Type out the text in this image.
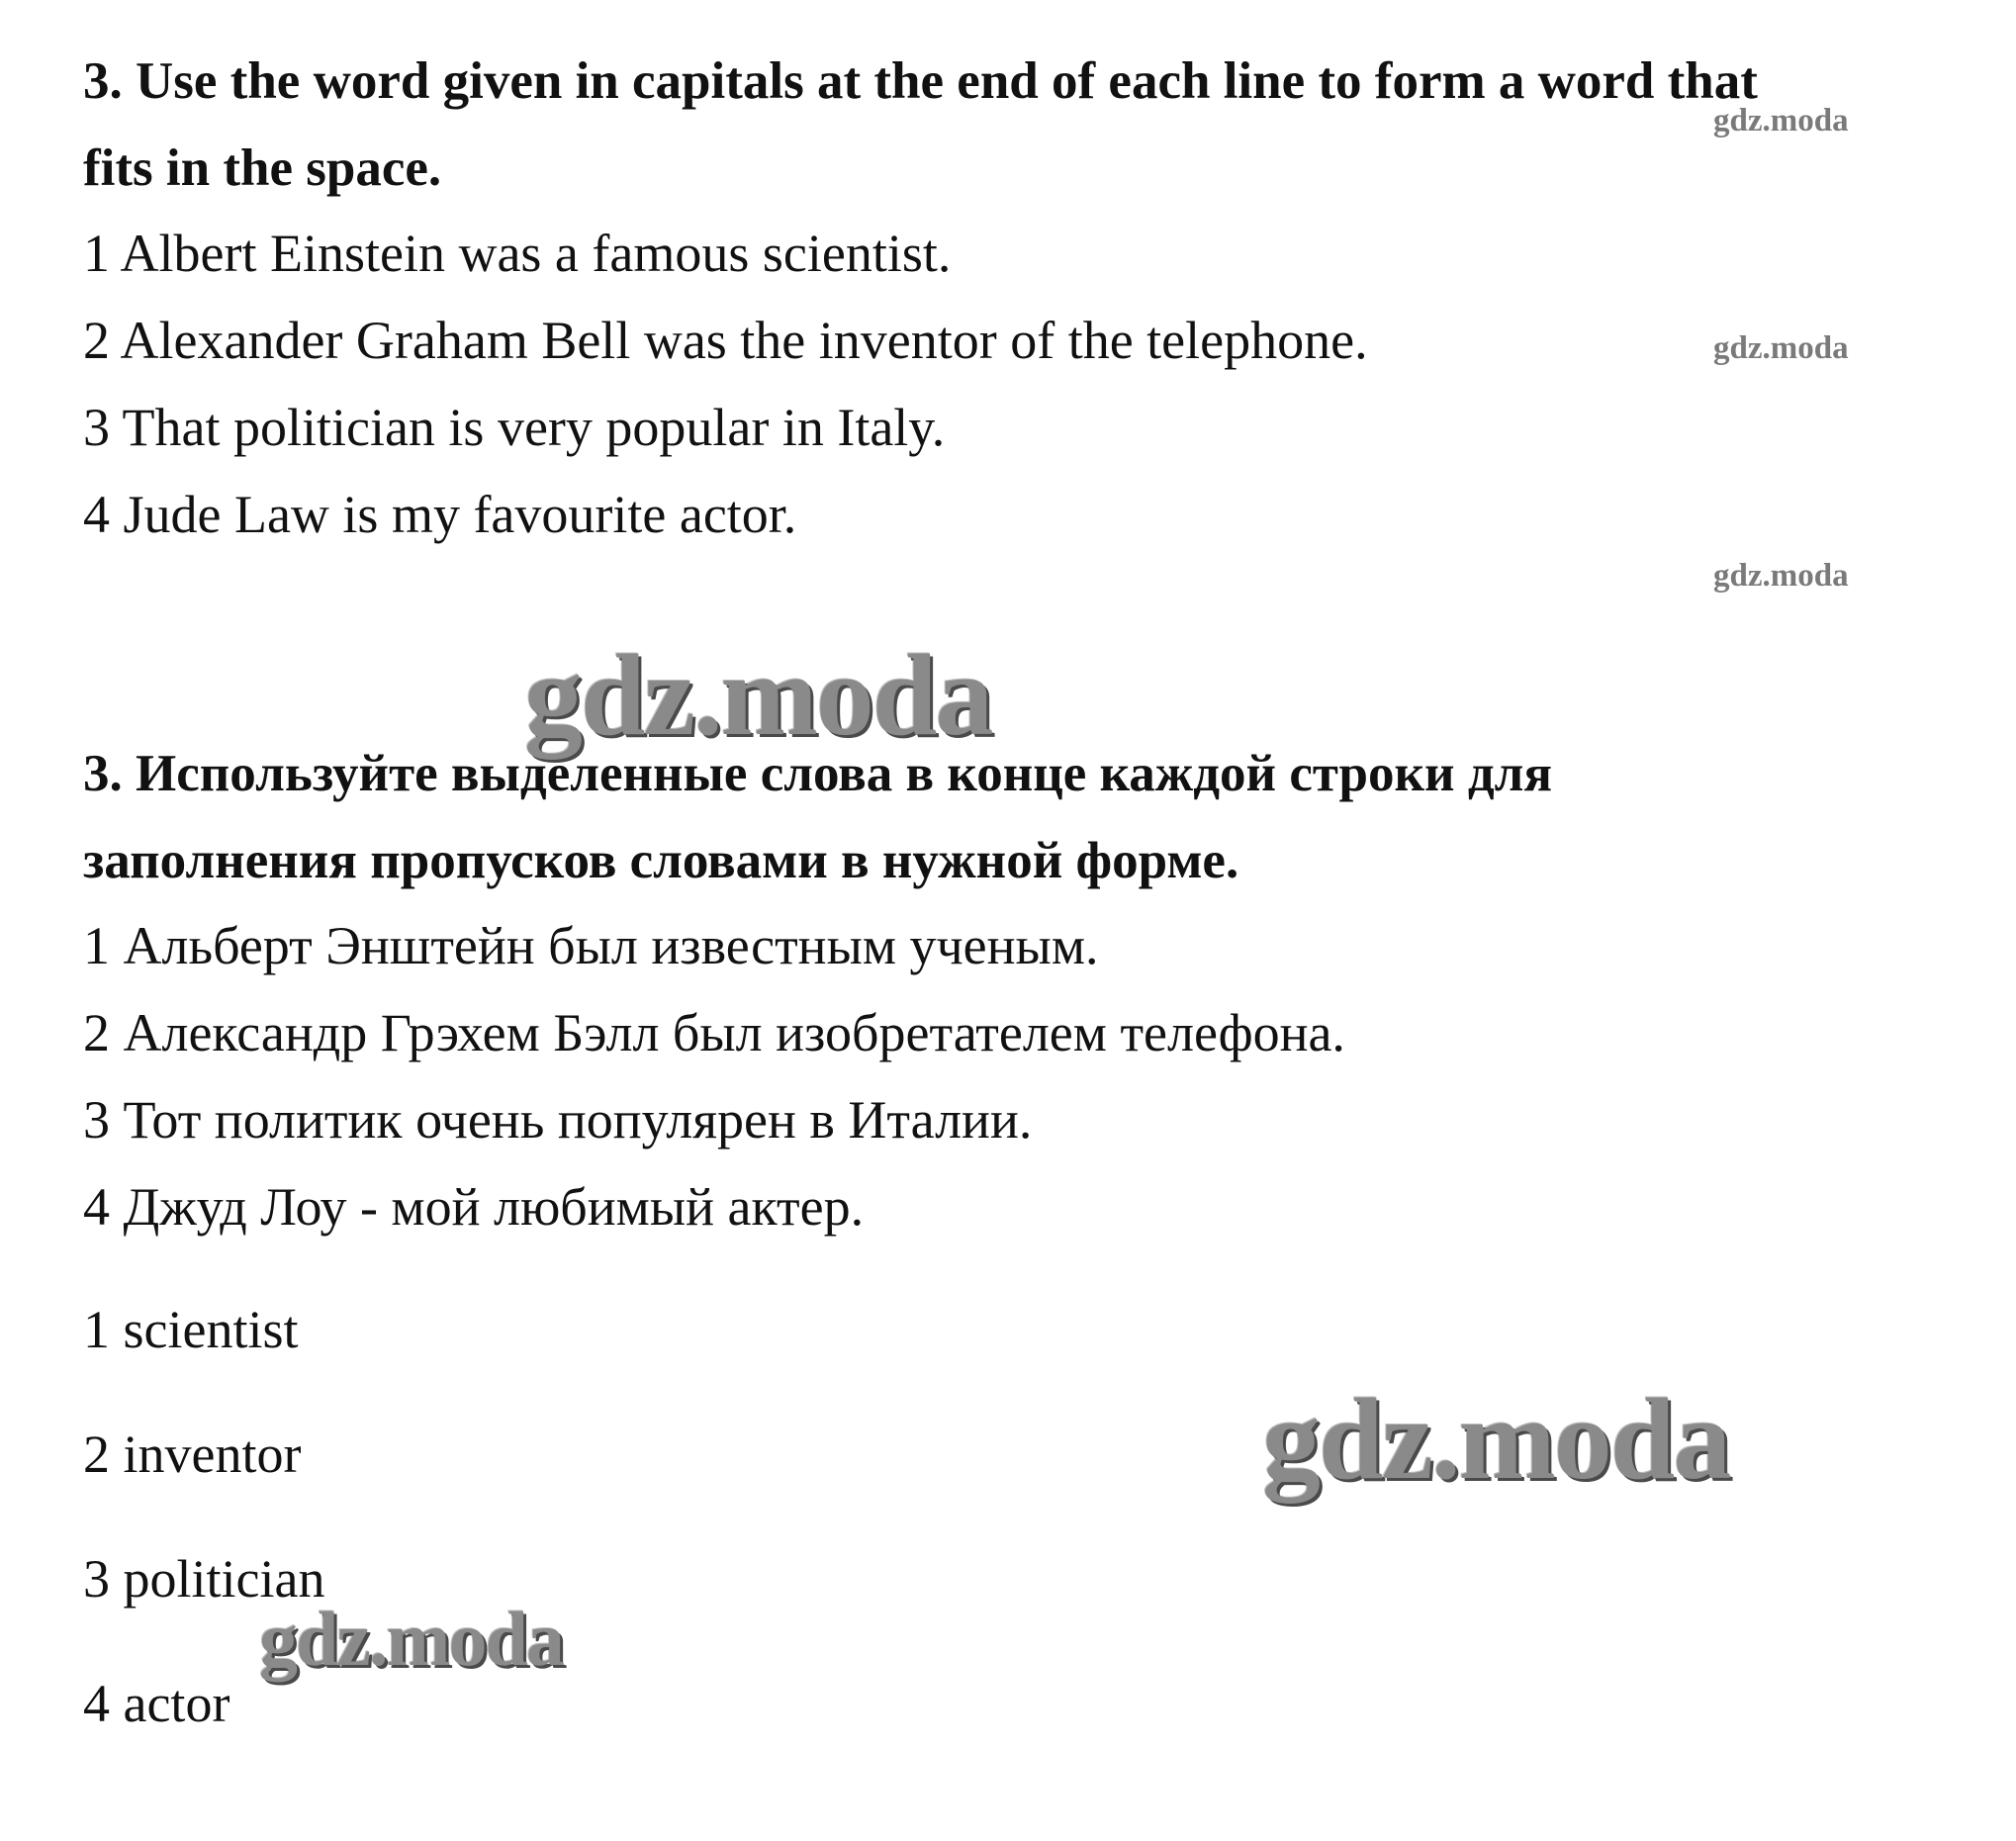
3. Use the word given in capitals at the end of each line to form a word that
fits in the space.
1 Albert Einstein was a famous scientist.
2 Alexander Graham Bell was the inventor of the telephone.
3 That politician is very popular in Italy.
4 Jude Law is my favourite actor.
3. Используйте выделенные слова в конце каждой строки для
заполнения пропусков словами в нужной форме.
1 Альберт Энштейн был известным ученым.
2 Александр Грэхем Бэлл был изобретателем телефона.
3 Тот политик очень популярен в Италии.
4 Джуд Лоу - мой любимый актер.
1 scientist
2 inventor
3 politician
4 actor
gdz.moda
gdz.moda
gdz.moda
gdz.moda
gdz.moda
gdz.moda
